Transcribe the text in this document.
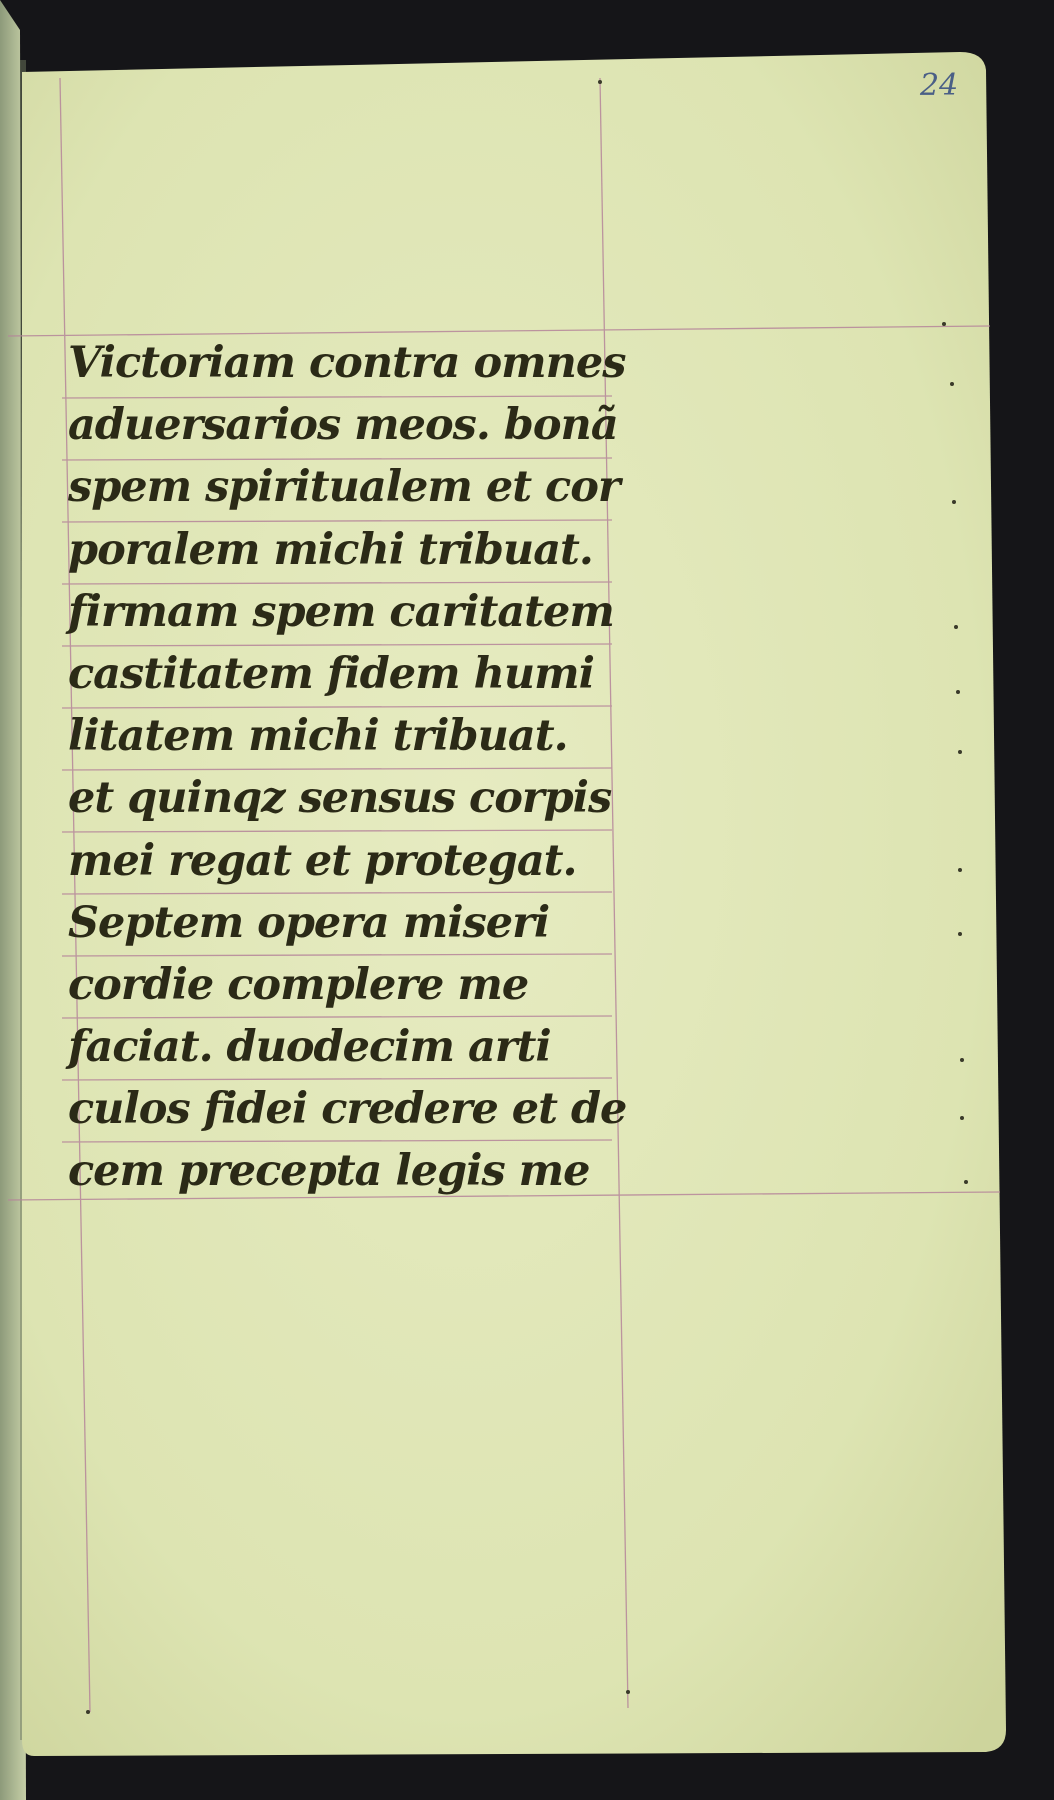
24

Victoriam contra omnes
aduersarios meos. bonã
spem spiritualem et cor
poralem michi tribuat.
firmam spem caritatem
castitatem fidem humi
litatem michi tribuat.
et quinqz sensus corpis
mei regat et protegat.
Septem opera miseri
cordie complere me
faciat. duodecim arti
culos fidei credere et de
cem precepta legis me
